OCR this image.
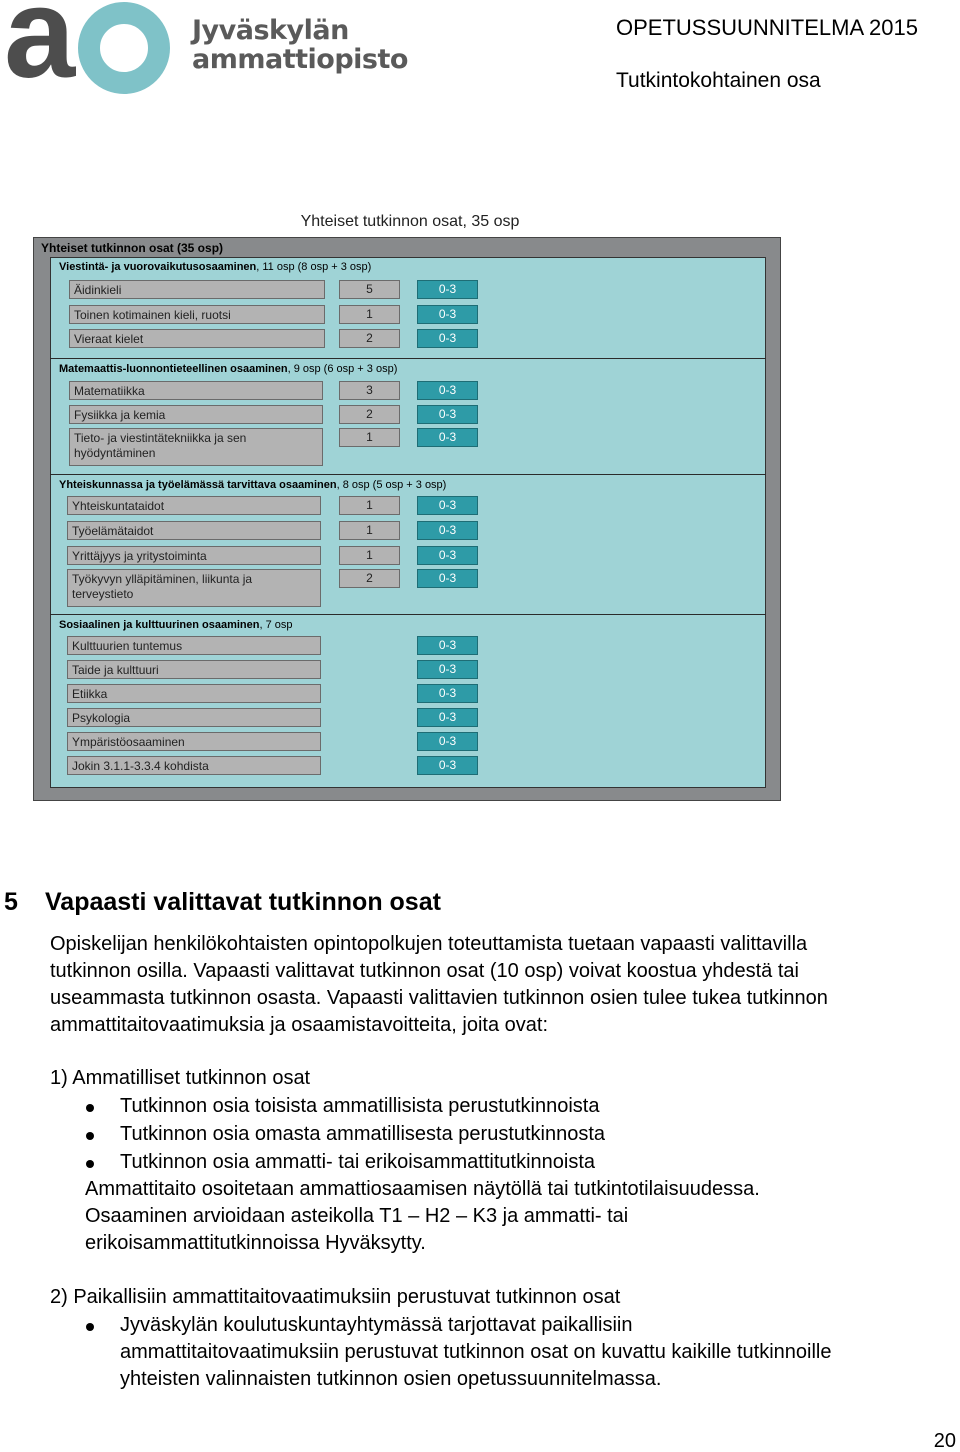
a	Jyväskylän
ammattiopisto
OPETUSSUUNNITELMA 2015
Tutkintokohtainen osa
Yhteiset tutkinnon osat, 35 osp
Yhteiset tutkinnon osat (35 osp)
Viestintä- ja vuorovaikutusosaaminen, 11 osp (8 osp + 3 osp)
Äidinkieli	5	0-3
Toinen kotimainen kieli, ruotsi	1	0-3
Vieraat kielet	2	0-3
Matemaattis-luonnontieteellinen osaaminen, 9 osp (6 osp + 3 osp)
Matematiikka	3	0-3
Fysiikka ja kemia	2	0-3
Tieto- ja viestintätekniikka ja sen hyödyntäminen
1	0-3
Yhteiskunnassa ja työelämässä tarvittava osaaminen, 8 osp (5 osp + 3 osp)
Yhteiskuntataidot	1	0-3
Työelämätaidot	1	0-3
Yrittäjyys ja yritystoiminta	1	0-3
Työkyvyn ylläpitäminen, liikunta ja terveystieto
2	0-3
Sosiaalinen ja kulttuurinen osaaminen, 7 osp
Kulttuurien tuntemus	0-3
Taide ja kulttuuri	0-3
Etiikka	0-3
Psykologia	0-3
Ympäristöosaaminen	0-3
Jokin 3.1.1-3.3.4 kohdista	0-3
5 Vapaasti valittavat tutkinnon osat
Opiskelijan henkilökohtaisten opintopolkujen toteuttamista tuetaan vapaasti valittavilla
tutkinnon osilla. Vapaasti valittavat tutkinnon osat (10 osp) voivat koostua yhdestä tai
useammasta tutkinnon osasta. Vapaasti valittavien tutkinnon osien tulee tukea tutkinnon
ammattitaitovaatimuksia ja osaamistavoitteita, joita ovat:
1) Ammatilliset tutkinnon osat
Tutkinnon osia toisista ammatillisista perustutkinnoista
Tutkinnon osia omasta ammatillisesta perustutkinnosta
Tutkinnon osia ammatti- tai erikoisammattitutkinnoista
Ammattitaito osoitetaan ammattiosaamisen näytöllä tai tutkintotilaisuudessa.
Osaaminen arvioidaan asteikolla T1 – H2 – K3 ja ammatti- tai
erikoisammattitutkinnoissa Hyväksytty.
2) Paikallisiin ammattitaitovaatimuksiin perustuvat tutkinnon osat
Jyväskylän koulutuskuntayhtymässä tarjottavat paikallisiin
ammattitaitovaatimuksiin perustuvat tutkinnon osat on kuvattu kaikille tutkinnoille
yhteisten valinnaisten tutkinnon osien opetussuunnitelmassa.
20
